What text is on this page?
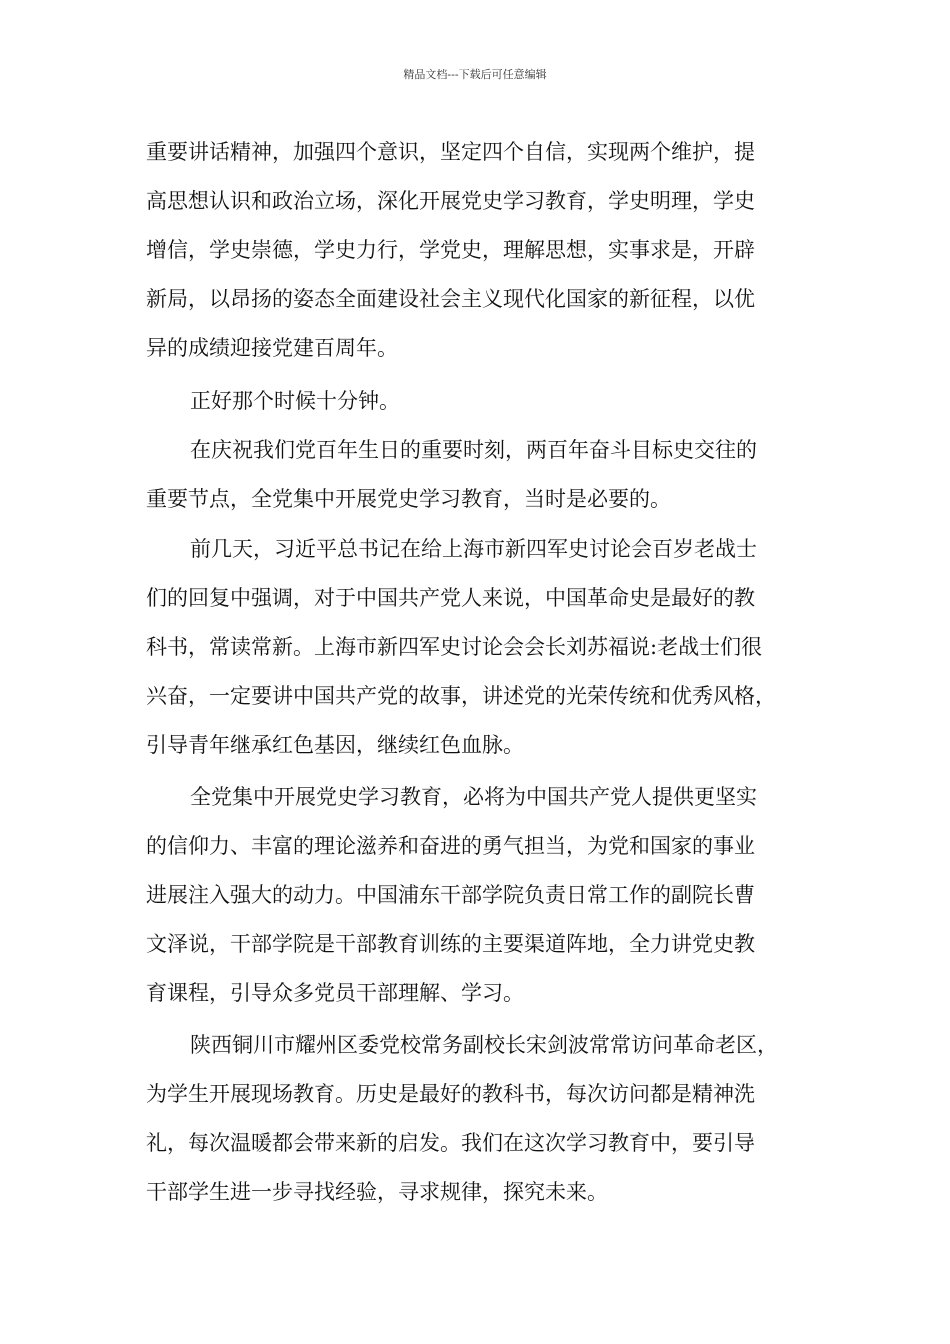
精品文档---下载后可任意编辑
重要讲话精神，加强四个意识，坚定四个自信，实现两个维护，提
高思想认识和政治立场，深化开展党史学习教育，学史明理，学史
增信，学史崇德，学史力行，学党史，理解思想，实事求是，开辟
新局，以昂扬的姿态全面建设社会主义现代化国家的新征程，以优
异的成绩迎接党建百周年。
正好那个时候十分钟。
在庆祝我们党百年生日的重要时刻，两百年奋斗目标史交往的
重要节点，全党集中开展党史学习教育，当时是必要的。
前几天，习近平总书记在给上海市新四军史讨论会百岁老战士
们的回复中强调，对于中国共产党人来说，中国革命史是最好的教
科书，常读常新。上海市新四军史讨论会会长刘苏福说:老战士们很
兴奋，一定要讲中国共产党的故事，讲述党的光荣传统和优秀风格，
引导青年继承红色基因，继续红色血脉。
全党集中开展党史学习教育，必将为中国共产党人提供更坚实
的信仰力、丰富的理论滋养和奋进的勇气担当，为党和国家的事业
进展注入强大的动力。中国浦东干部学院负责日常工作的副院长曹
文泽说，干部学院是干部教育训练的主要渠道阵地，全力讲党史教
育课程，引导众多党员干部理解、学习。
陕西铜川市耀州区委党校常务副校长宋剑波常常访问革命老区，
为学生开展现场教育。历史是最好的教科书，每次访问都是精神洗
礼，每次温暖都会带来新的启发。我们在这次学习教育中，要引导
干部学生进一步寻找经验，寻求规律，探究未来。
